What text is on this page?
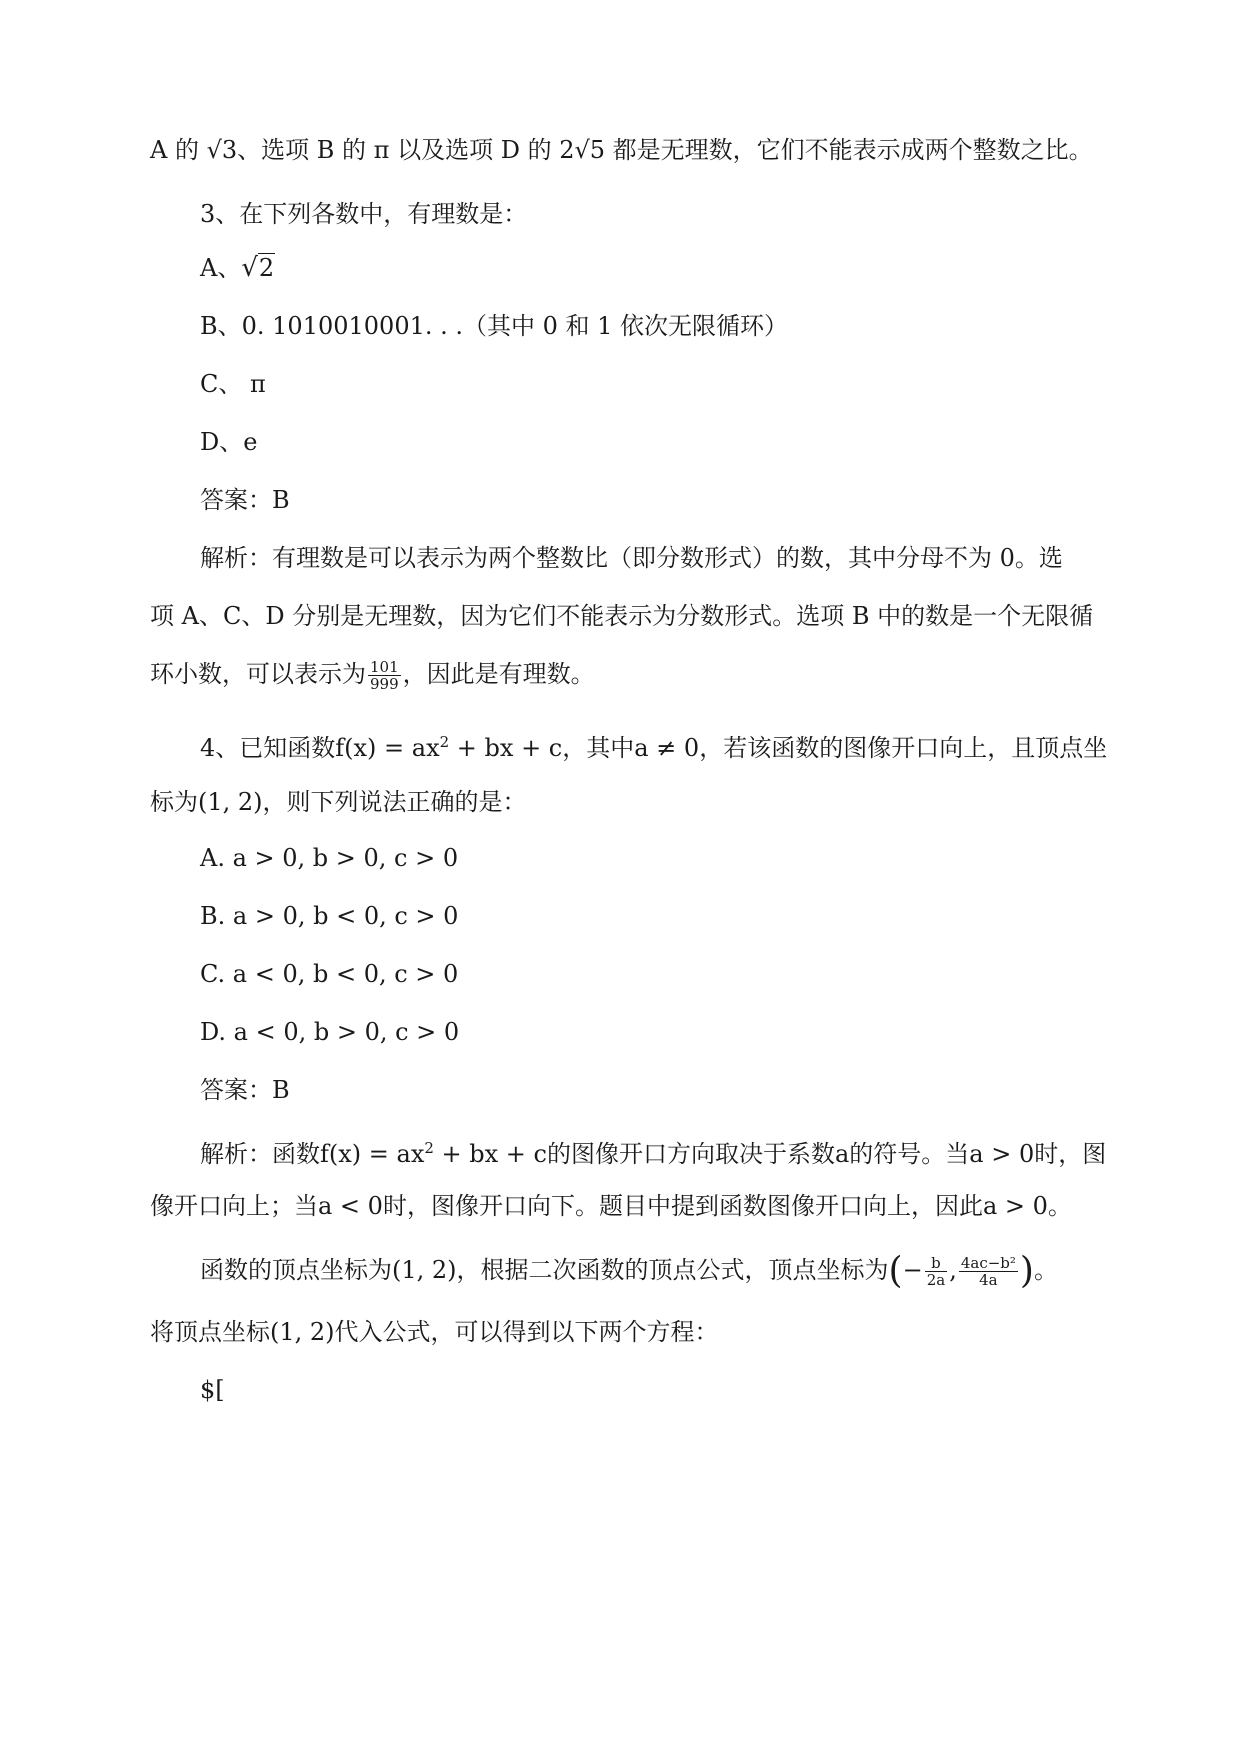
A 的 √3、选项 B 的 π 以及选项 D 的 2√5 都是无理数，它们不能表示成两个整数之比。
3、在下列各数中，有理数是：
A、√2
B、0. 1010010001. . .（其中 0 和 1 依次无限循环）
C、 π
D、e
答案：B
解析：有理数是可以表示为两个整数比（即分数形式）的数，其中分母不为 0。选
项 A、C、D 分别是无理数，因为它们不能表示为分数形式。选项 B 中的数是一个无限循
环小数，可以表示为 $\frac{101}{999}$ ，因此是有理数。
4、已知函数$f(x) = ax^2$ + bx + c，其中a ≠ 0，若该函数的图像开口向上，且顶点坐
标为(1, 2)，则下列说法正确的是：
A. a > 0, b > 0, c > 0
B. a > 0, b < 0, c > 0
C. a < 0, b < 0, c > 0
D. a < 0, b > 0, c > 0
答案：B
解析：函数$f(x) = ax^2$ + bx + c的图像开口方向取决于系数a的符号。当a > 0时，图
像开口向上；当a < 0时，图像开口向下。题目中提到函数图像开口向上，因此a > 0。
函数的顶点坐标为(1, 2)，根据二次函数的顶点公式，顶点坐标为(− $\frac{b}{2a}$ , $\frac{\text{4ac−b²}}{4a}$ )。
将顶点坐标(1, 2)代入公式，可以得到以下两个方程：
$[
